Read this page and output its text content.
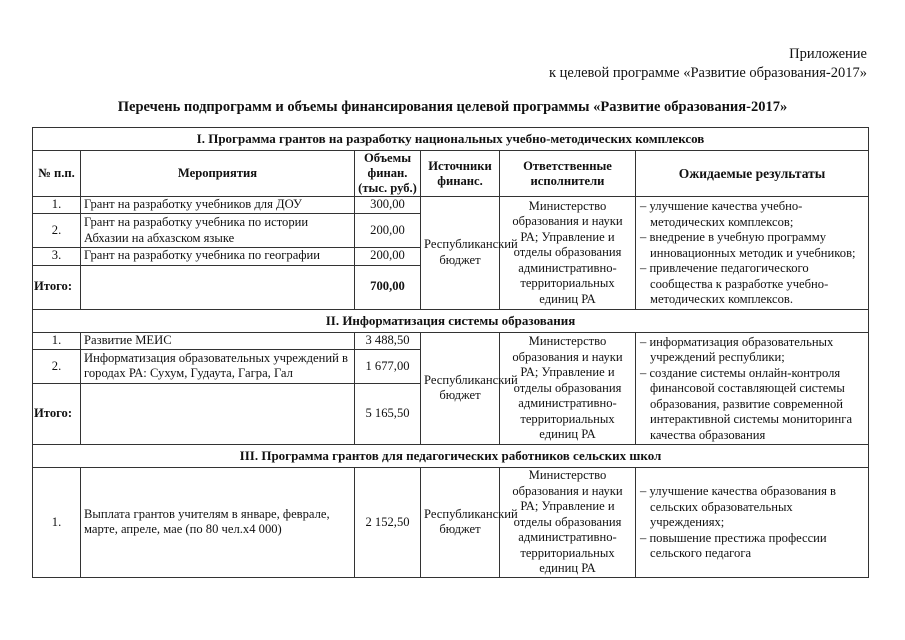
Приложение
к целевой программе «Развитие образования-2017»
Перечень подпрограмм и объемы финансирования целевой программы «Развитие образования-2017»
I. Программа грантов на разработку национальных учебно-методических комплексов					
№ п.п.	Мероприятия	Объемы финан. (тыс. руб.)	Источники финанс.	Ответственные исполнители	Ожидаемые результаты
1.	Грант на разработку учебников для ДОУ	300,00	Республиканский бюджет	Министерство образования и науки РА; Управление и отделы образования административно-территориальных единиц РА	– улучшение качества учебно-методических комплексов;
– внедрение в учебную программу инновационных методик и учебников;
– привлечение педагогического сообщества к разработке учебно-методических комплексов.

2.	Грант на разработку учебника по истории Абхазии на абхазском языке	200,00			
3.	Грант на разработку учебника по географии	200,00			
Итого:		700,00			
II. Информатизация системы образования					
1.	Развитие МЕИС	3 488,50	Республиканский бюджет	Министерство образования и науки РА; Управление и отделы образования административно-территориальных единиц РА	– информатизация образовательных учреждений республики;
– создание системы онлайн-контроля финансовой составляющей системы образования, развитие современной интерактивной системы мониторинга качества образования

2.	Информатизация образовательных учреждений в городах РА: Сухум, Гудаута, Гагра, Гал	1 677,00			
Итого:		5 165,50			
III. Программа грантов для педагогических работников сельских школ					
1.	Выплата грантов учителям в январе, феврале, марте, апреле, мае (по 80 чел.х4 000)	2 152,50	Республиканский бюджет	Министерство образования и науки РА; Управление и отделы образования административно-территориальных единиц РА	– улучшение качества образования в сельских образовательных учреждениях;
– повышение престижа профессии сельского педагога
